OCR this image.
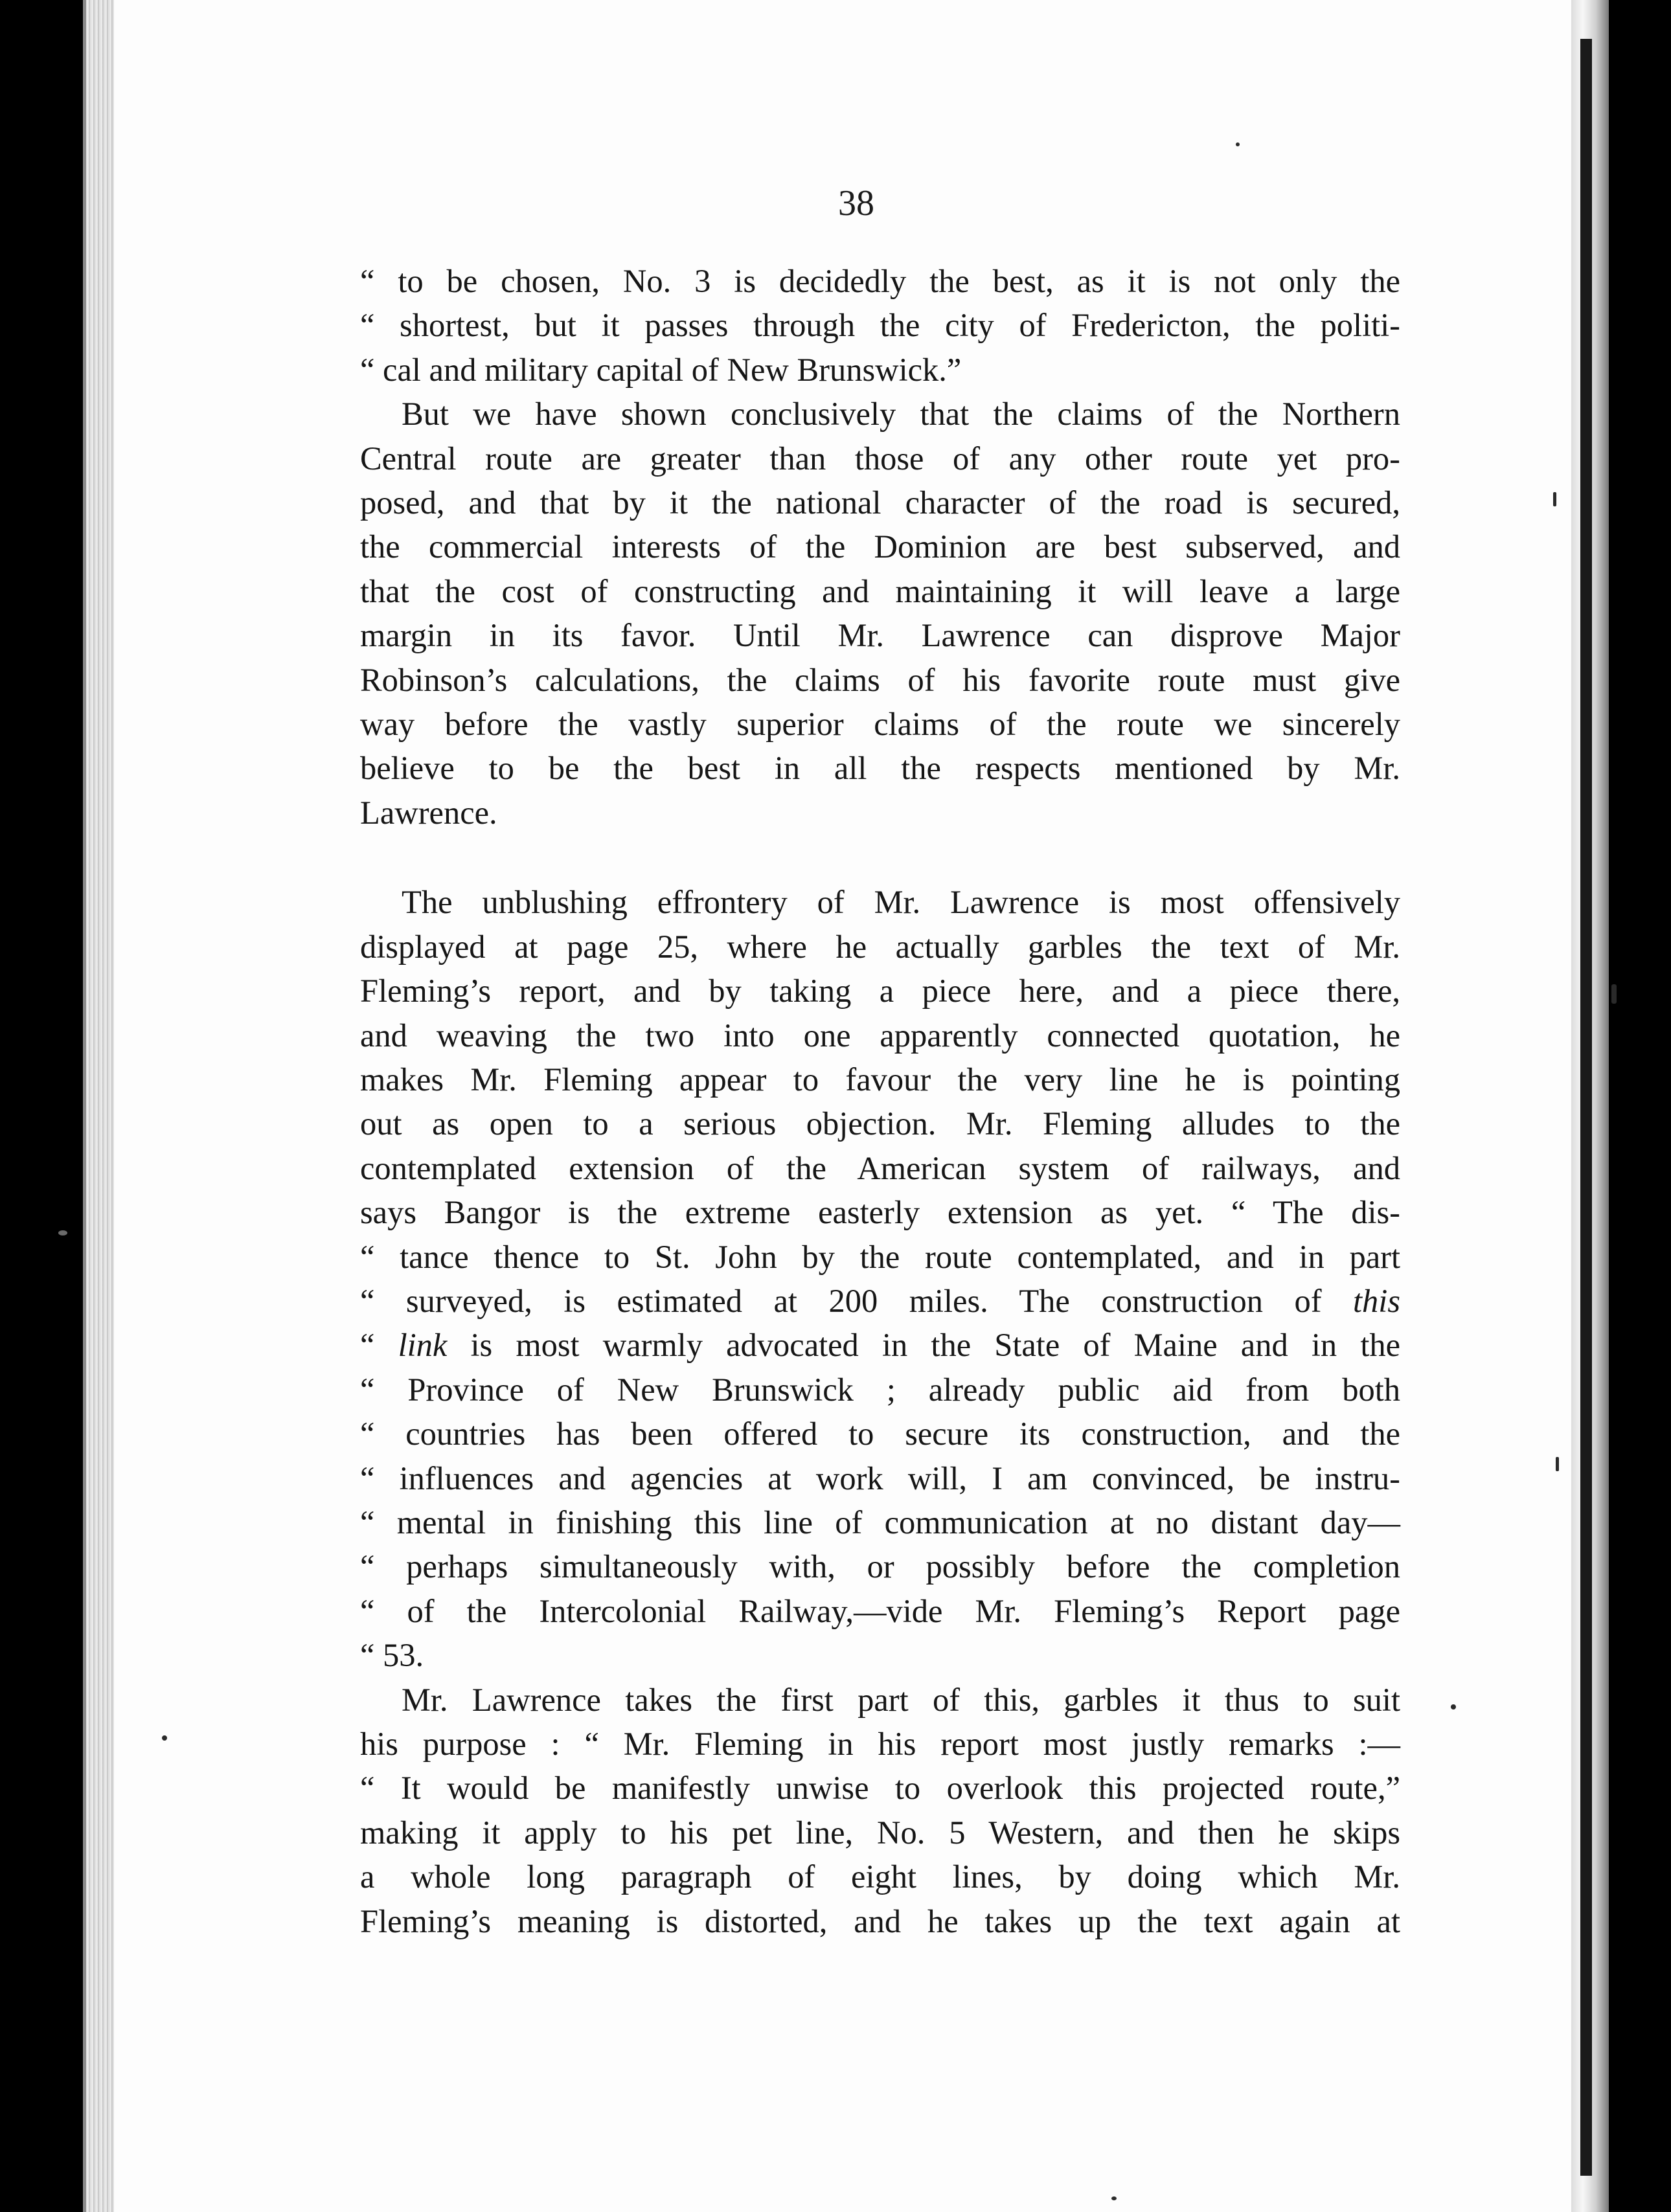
38
“ to be chosen, No. 3 is decidedly the best, as it is not only the
“ shortest, but it passes through the city of Fredericton, the politi-
“ cal and military capital of New Brunswick.”
But we have shown conclusively that the claims of the Northern
Central route are greater than those of any other route yet pro-
posed, and that by it the national character of the road is secured,
the commercial interests of the Dominion are best subserved, and
that the cost of constructing and maintaining it will leave a large
margin in its favor. Until Mr. Lawrence can disprove Major
Robinson’s calculations, the claims of his favorite route must give
way before the vastly superior claims of the route we sincerely
believe to be the best in all the respects mentioned by Mr.
Lawrence.
The unblushing effrontery of Mr. Lawrence is most offensively
displayed at page 25, where he actually garbles the text of Mr.
Fleming’s report, and by taking a piece here, and a piece there,
and weaving the two into one apparently connected quotation, he
makes Mr. Fleming appear to favour the very line he is pointing
out as open to a serious objection. Mr. Fleming alludes to the
contemplated extension of the American system of railways, and
says Bangor is the extreme easterly extension as yet. “ The dis-
“ tance thence to St. John by the route contemplated, and in part
“ surveyed, is estimated at 200 miles. The construction of this
“ link is most warmly advocated in the State of Maine and in the
“ Province of New Brunswick ; already public aid from both
“ countries has been offered to secure its construction, and the
“ influences and agencies at work will, I am convinced, be instru-
“ mental in finishing this line of communication at no distant day—
“ perhaps simultaneously with, or possibly before the completion
“ of the Intercolonial Railway,—vide Mr. Fleming’s Report page
“ 53.
Mr. Lawrence takes the first part of this, garbles it thus to suit
his purpose : “ Mr. Fleming in his report most justly remarks :—
“ It would be manifestly unwise to overlook this projected route,”
making it apply to his pet line, No. 5 Western, and then he skips
a whole long paragraph of eight lines, by doing which Mr.
Fleming’s meaning is distorted, and he takes up the text again at
